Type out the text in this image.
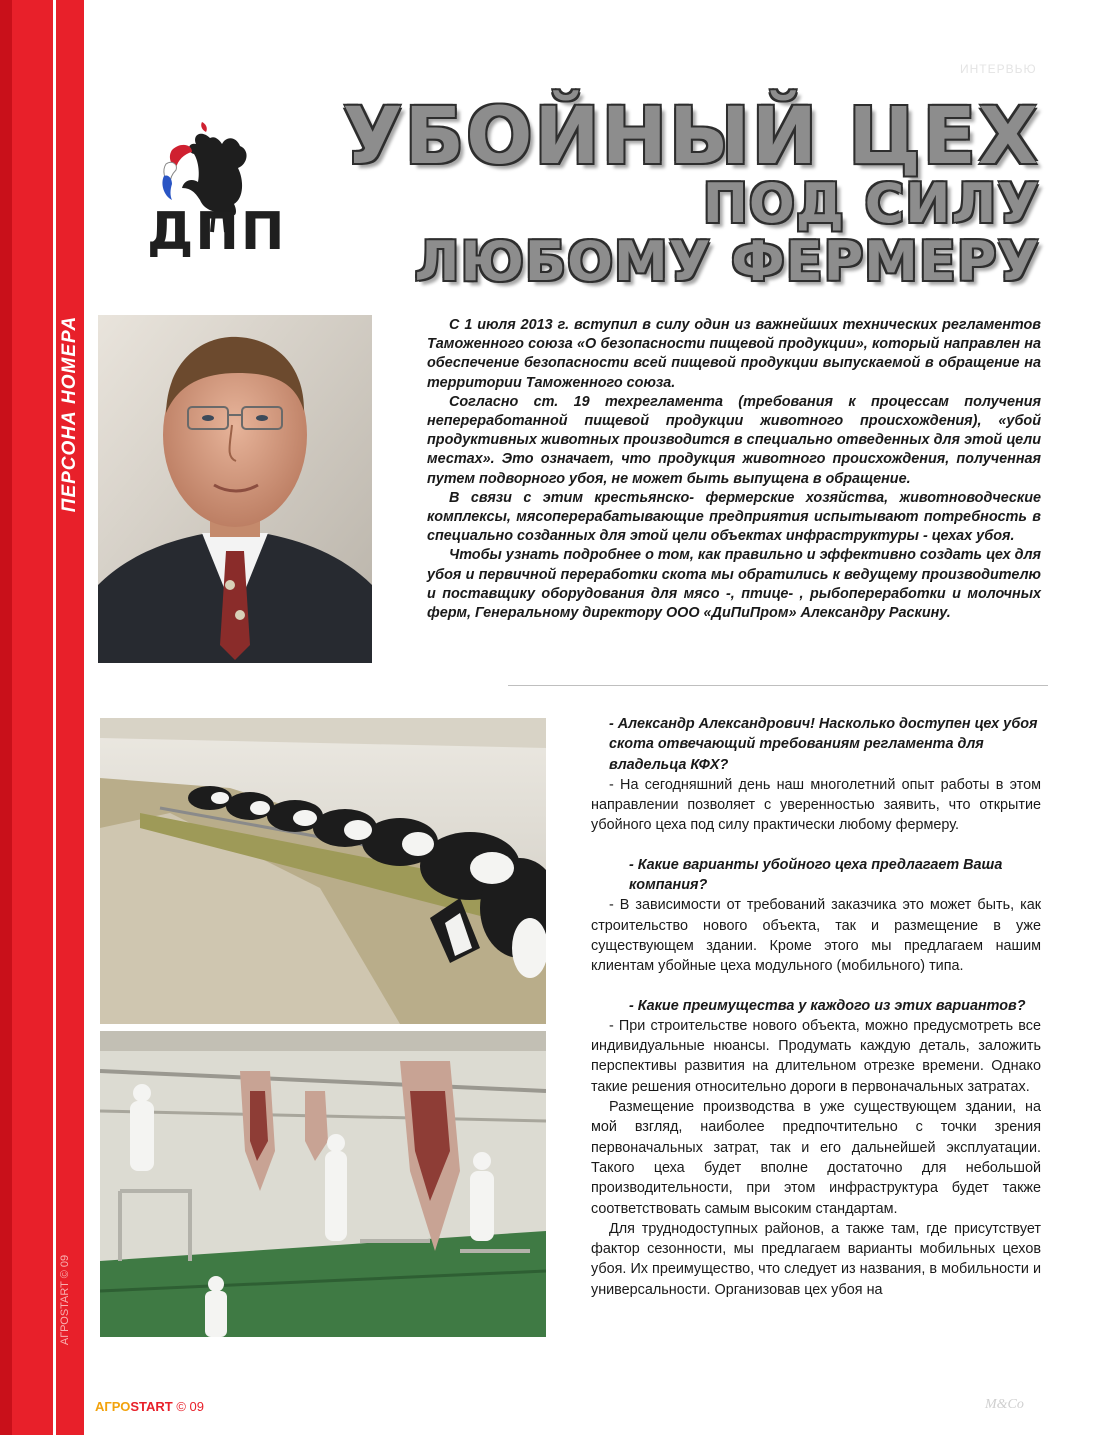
ПЕРСОНА НОМЕРА
АГРОSTART © 09
ИНТЕРВЬЮ
ДПП
УБОЙНЫЙ ЦЕХ
ПОД СИЛУ
ЛЮБОМУ ФЕРМЕРУ

С 1 июля 2013 г. вступил в силу один из важнейших технических регламентов Таможенного союза «О безопасности пищевой продукции», который направлен на обеспечение безопасности всей пищевой продукции выпускаемой в обращение на территории Таможенного союза.

Согласно ст. 19 техрегламента (требования к процессам получения непереработанной пищевой продукции животного происхождения), «убой продуктивных животных производится в специально отведенных для этой цели местах». Это означает, что продукция животного происхождения, полученная путем подворного убоя, не может быть выпущена в обращение.

В связи с этим крестьянско- фермерские хозяйства, животноводческие комплексы, мясоперерабатывающие предприятия испытывают потребность в специально созданных для этой цели объектах инфраструктуры - цехах убоя.

Чтобы узнать подробнее о том, как правильно и эффективно создать цех для убоя и первичной переработки скота мы обратились к ведущему производителю и поставщику оборудования для мясо -, птице- , рыбопереработки и молочных ферм, Генеральному директору ООО «ДиПиПром» Александру Раскину.

- Александр Александрович! Насколько доступен цех убоя скота отвечающий требованиям регламента для владельца КФХ?

- На сегодняшний день наш многолетний опыт работы в этом направлении позволяет с уверенностью заявить, что открытие убойного цеха под силу практически любому фермеру.

- Какие варианты убойного цеха предлагает Ваша компания?

- В зависимости от требований заказчика это может быть, как строительство нового объекта, так и размещение в уже существующем здании. Кроме этого мы предлагаем нашим клиентам убойные цеха модульного (мобильного) типа.

- Какие преимущества у каждого из этих вариантов?

- При строительстве нового объекта, можно предусмотреть все индивидуальные нюансы. Продумать каждую деталь, заложить перспективы развития на длительном отрезке времени. Однако такие решения относительно дороги в первоначальных затратах.

Размещение производства в уже существующем здании, на мой взгляд, наиболее предпочтительно с точки зрения первоначальных затрат, так и его дальнейшей эксплуатации. Такого цеха будет вполне достаточно для небольшой производительности, при этом инфраструктура будет также соответствовать самым высоким стандартам.

Для труднодоступных районов, а также там, где присутствует фактор сезонности, мы предлагаем варианты мобильных цехов убоя. Их преимущество, что следует из названия, в мобильности и универсальности. Организовав цех убоя на

АГРОSTART © 09	M&Co
